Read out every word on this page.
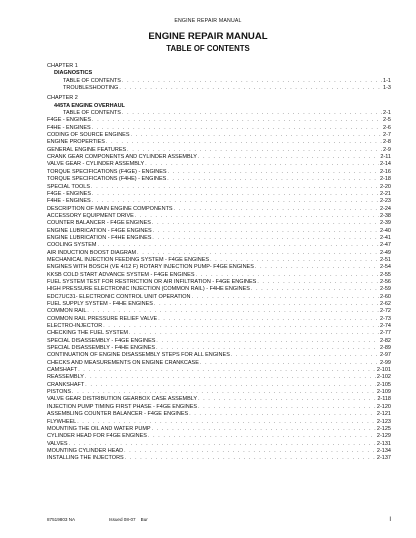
ENGINE REPAIR MANUAL
ENGINE REPAIR MANUAL
TABLE OF CONTENTS
CHAPTER 1
DIAGNOSTICS
TABLE OF CONTENTS . . .	1-1
TROUBLESHOOTING . . .	1-3
CHAPTER 2
445TA ENGINE OVERHAUL
TABLE OF CONTENTS . . .	2-1
F4GE - ENGINES . . .	2-5
F4HE - ENGINES . . .	2-6
CODING OF SOURCE ENGINES . . .	2-7
ENGINE PROPERTIES . . .	2-8
GENERAL ENGINE FEATURES . . .	2-9
CRANK GEAR COMPONENTS AND CYLINDER ASSEMBLY . . .	2-11
VALVE GEAR - CYLINDER ASSEMBLY . . .	2-14
TORQUE SPECIFICATIONS (F4GE) - ENGINES . . .	2-16
TORQUE SPECIFICATIONS (F4HE) - ENGINES . . .	2-18
SPECIAL TOOLS . . .	2-20
F4GE - ENGINES . . .	2-21
F4HE - ENGINES . . .	2-23
DESCRIPTION OF MAIN ENGINE COMPONENTS . . .	2-24
ACCESSORY EQUIPMENT DRIVE . . .	2-38
COUNTER BALANCER - F4GE ENGINES . . .	2-39
ENGINE LUBRICATION - F4GE ENGINES . . .	2-40
ENGINE LUBRICATION - F4HE ENGINES . . .	2-41
COOLING SYSTEM . . .	2-47
AIR INDUCTION BOOST DIAGRAM . . .	2-49
MECHANICAL INJECTION FEEDING SYSTEM - F4GE ENGINES . . .	2-51
ENGINES WITH BOSCH (VE 4/12 F) ROTARY INJECTION PUMP- F4GE ENGINES . . .	2-54
KKSB COLD START ADVANCE SYSTEM - F4GE ENGINES . . .	2-55
FUEL SYSTEM TEST FOR RESTRICTION OR AIR INFILTRATION - F4GE ENGINES . . .	2-56
HIGH PRESSURE ELECTRONIC INJECTION (COMMON RAIL) - F4HE ENGINES . . .	2-59
EDC7UC31- ELECTRONIC CONTROL UNIT OPERATION . . .	2-60
FUEL SUPPLY SYSTEM - F4HE ENGINES . . .	2-62
COMMON RAIL . . .	2-72
COMMON RAIL PRESSURE RELIEF VALVE . . .	2-73
ELECTRO-INJECTOR . . .	2-74
CHECKING THE FUEL SYSTEM . . .	2-77
SPECIAL DISASSEMBLY - F4GE ENGINES . . .	2-82
SPECIAL DISASSEMBLY - F4HE ENGINES . . .	2-89
CONTINUATION OF ENGINE DISASSEMBLY STEPS FOR ALL ENGINES . . .	2-97
CHECKS AND MEASUREMENTS ON ENGINE CRANKCASE . . .	2-99
CAMSHAFT . . .	2-101
REASSEMBLY . . .	2-102
CRANKSHAFT . . .	2-105
PISTONS . . .	2-109
VALVE GEAR DISTRIBUTION GEARBOX CASE ASSEMBLY . . .	2-118
INJECTION PUMP TIMING FIRST PHASE - F4GE ENGINES . . .	2-120
ASSEMBLING COUNTER BALANCER - F4GE ENGINES . . .	2-121
FLYWHEEL . . .	2-123
MOUNTING THE OIL AND WATER PUMP . . .	2-125
CYLINDER HEAD FOR F4GE ENGINES . . .	2-129
VALVES . . .	2-131
MOUNTING CYLINDER HEAD . . .	2-134
INSTALLING THE INJECTORS . . .	2-137
87519803 NA	Issued 08-07 Bur	I
